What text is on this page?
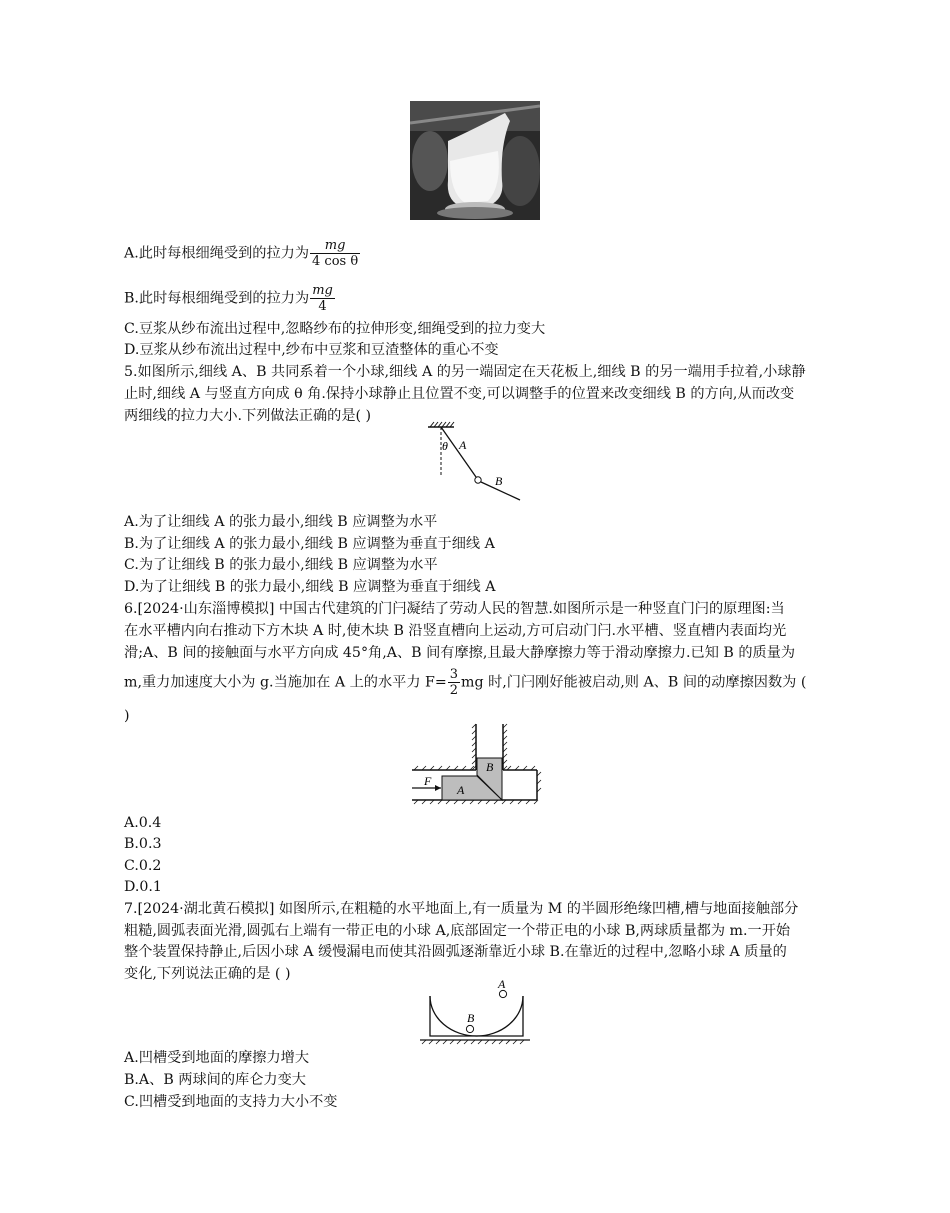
A.此时每根细绳受到的拉力为 $\frac{mg}{\text{4 cos θ}}$
B.此时每根细绳受到的拉力为 $\frac{mg}{4}$
C.豆浆从纱布流出过程中,忽略纱布的拉伸形变,细绳受到的拉力变大
D.豆浆从纱布流出过程中,纱布中豆浆和豆渣整体的重心不变
5.如图所示,细线 A、B 共同系着一个小球,细线 A 的另一端固定在天花板上,细线 B 的另一端用手拉着,小球静
止时,细线 A 与竖直方向成 θ 角.保持小球静止且位置不变,可以调整手的位置来改变细线 B 的方向,从而改变
两细线的拉力大小.下列做法正确的是( )
θ A
B
A.为了让细线 A 的张力最小,细线 B 应调整为水平
B.为了让细线 A 的张力最小,细线 B 应调整为垂直于细线 A
C.为了让细线 B 的张力最小,细线 B 应调整为水平
D.为了让细线 B 的张力最小,细线 B 应调整为垂直于细线 A
6.[2024·山东淄博模拟] 中国古代建筑的门闩凝结了劳动人民的智慧.如图所示是一种竖直门闩的原理图:当
在水平槽内向右推动下方木块 A 时,使木块 B 沿竖直槽向上运动,方可启动门闩.水平槽、竖直槽内表面均光
滑;A、B 间的接触面与水平方向成 45°角,A、B 间有摩擦,且最大静摩擦力等于滑动摩擦力.已知 B 的质量为
m,重力加速度大小为 g.当施加在 A 上的水平力 $F= \frac{3}{2}$ mg 时,门闩刚好能被启动,则 A、B 间的动摩擦因数为 (
)
F
A
B
A.0.4
B.0.3
C.0.2
D.0.1
7.[2024·湖北黄石模拟] 如图所示,在粗糙的水平地面上,有一质量为 M 的半圆形绝缘凹槽,槽与地面接触部分
粗糙,圆弧表面光滑,圆弧右上端有一带正电的小球 A,底部固定一个带正电的小球 B,两球质量都为 m.一开始
整个装置保持静止,后因小球 A 缓慢漏电而使其沿圆弧逐渐靠近小球 B.在靠近的过程中,忽略小球 A 质量的
变化,下列说法正确的是 ( )
A
B
A.凹槽受到地面的摩擦力增大
B.A、B 两球间的库仑力变大
C.凹槽受到地面的支持力大小不变
